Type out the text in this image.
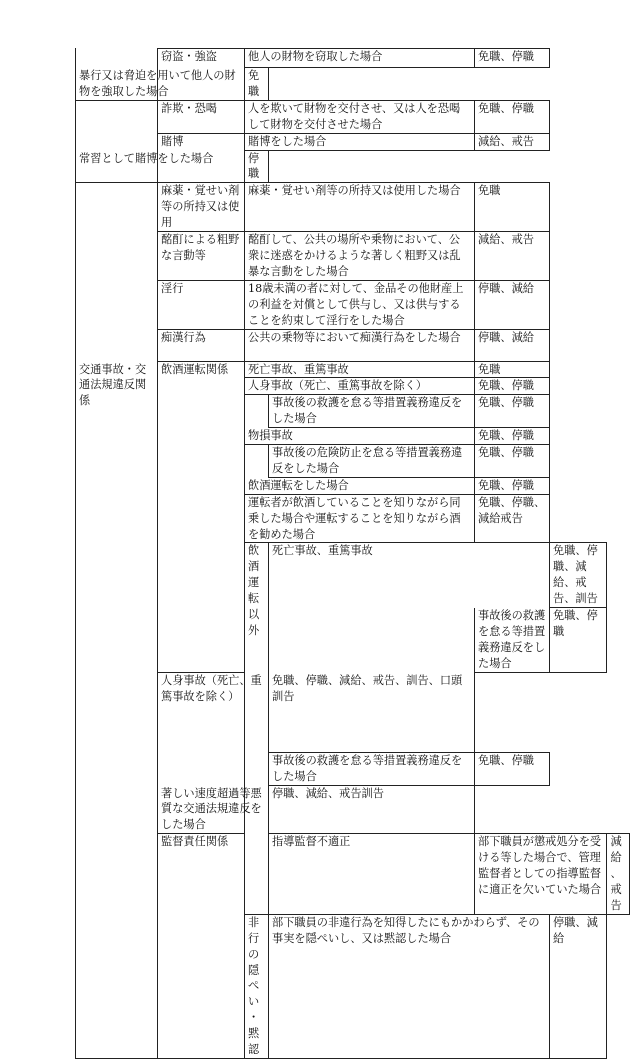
	窃盗・強盗	他人の財物を窃取した場合		免職、停職		
暴行又は脅迫を用いて他人の財物を強取した場合		免職				
	詐欺・恐喝	人を欺いて財物を交付させ、又は人を恐喝して財物を交付させた場合		免職、停職		
	賭博	賭博をした場合		減給、戒告		
常習として賭博をした場合		停職				
	麻薬・覚せい剤等の所持又は使用	麻薬・覚せい剤等の所持又は使用した場合		免職		
	酩酊による粗野な言動等	酩酊して、公共の場所や乗物において、公衆に迷惑をかけるような著しく粗野又は乱暴な言動をした場合		減給、戒告		
	淫行	18歳未満の者に対して、金品その他財産上の利益を対償として供与し、又は供与することを約束して淫行をした場合		停職、減給		
	痴漢行為	公共の乗物等において痴漢行為をした場合		停職、減給		
交通事故・交通法規違反関係	飲酒運転関係	死亡事故、重篤事故		免職		
		人身事故（死亡、重篤事故を除く）		免職、停職		
			事故後の救護を怠る等措置義務違反をした場合	免職、停職		
		物損事故		免職、停職		
			事故後の危険防止を怠る等措置義務違反をした場合	免職、停職		
		飲酒運転をした場合		免職、停職		
		運転者が飲酒していることを知りながら同乗した場合や運転することを知りながら酒を勧めた場合		免職、停職、減給戒告		
		飲酒運転以外	死亡事故、重篤事故		免職、停職、減給、戒告、訓告	
				事故後の救護を怠る等措置義務違反をした場合	免職、停職	
	人身事故（死亡、重篤事故を除く）		免職、停職、減給、戒告、訓告、口頭訓告			
			事故後の救護を怠る等措置義務違反をした場合	免職、停職		
	著しい速度超過等悪質な交通法規違反をした場合		停職、減給、戒告訓告			
	監督責任関係		指導監督不適正	部下職員が懲戒処分を受ける等した場合で、管理監督者としての指導監督に適正を欠いていた場合		減給、戒告
		非行の隠ぺい・黙認	部下職員の非違行為を知得したにもかかわらず、その事実を隠ぺいし、又は黙認した場合		停職、減給	
